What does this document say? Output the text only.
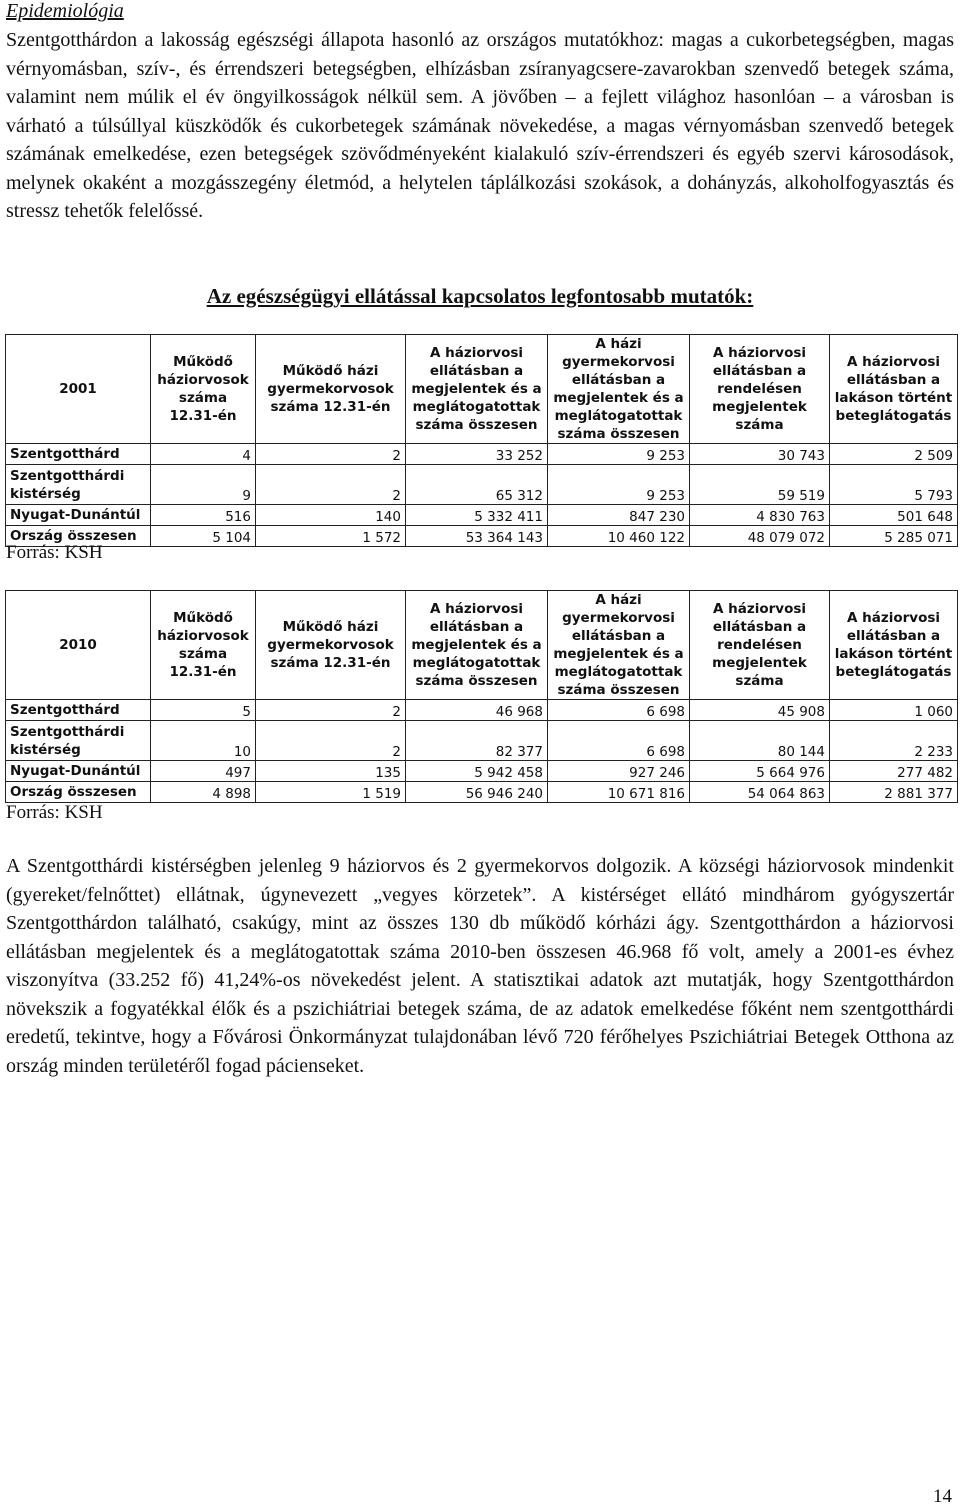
Epidemiológia

Szentgotthárdon a lakosság egészségi állapota hasonló az országos mutatókhoz: magas a cukorbetegségben, magas vérnyomásban, szív-, és érrendszeri betegségben, elhízásban zsíranyagcsere-zavarokban szenvedő betegek száma, valamint nem múlik el év öngyilkosságok nélkül sem. A jövőben – a fejlett világhoz hasonlóan – a városban is várható a túlsúllyal küszködők és cukorbetegek számának növekedése, a magas vérnyomásban szenvedő betegek számának emelkedése, ezen betegségek szövődményeként kialakuló szív-érrendszeri és egyéb szervi károsodások, melynek okaként a mozgásszegény életmód, a helytelen táplálkozási szokások, a dohányzás, alkoholfogyasztás és stressz tehetők felelőssé.

Az egészségügyi ellátással kapcsolatos legfontosabb mutatók:
2001	Működő háziorvosok száma 12.31-én	Működő házi gyermekorvosok száma 12.31-én	A háziorvosi ellátásban a megjelentek és a meglátogatottak száma összesen	A házi gyermekorvosi ellátásban a megjelentek és a meglátogatottak száma összesen	A háziorvosi ellátásban a rendelésen megjelentek száma	A háziorvosi ellátásban a lakáson történt beteglátogatás
Szentgotthárd	4	2	33 252	9 253	30 743	2 509
Szentgotthárdi kistérség	9	2	65 312	9 253	59 519	5 793
Nyugat-Dunántúl	516	140	5 332 411	847 230	4 830 763	501 648
Ország összesen	5 104	1 572	53 364 143	10 460 122	48 079 072	5 285 071
Forrás: KSH
2010	Működő háziorvosok száma 12.31-én	Működő házi gyermekorvosok száma 12.31-én	A háziorvosi ellátásban a megjelentek és a meglátogatottak száma összesen	A házi gyermekorvosi ellátásban a megjelentek és a meglátogatottak száma összesen	A háziorvosi ellátásban a rendelésen megjelentek száma	A háziorvosi ellátásban a lakáson történt beteglátogatás
Szentgotthárd	5	2	46 968	6 698	45 908	1 060
Szentgotthárdi kistérség	10	2	82 377	6 698	80 144	2 233
Nyugat-Dunántúl	497	135	5 942 458	927 246	5 664 976	277 482
Ország összesen	4 898	1 519	56 946 240	10 671 816	54 064 863	2 881 377
Forrás: KSH

A Szentgotthárdi kistérségben jelenleg 9 háziorvos és 2 gyermekorvos dolgozik. A községi háziorvosok mindenkit (gyereket/felnőttet) ellátnak, úgynevezett „vegyes körzetek”. A kistérséget ellátó mindhárom gyógyszertár Szentgotthárdon található, csakúgy, mint az összes 130 db működő kórházi ágy. Szentgotthárdon a háziorvosi ellátásban megjelentek és a meglátogatottak száma 2010-ben összesen 46.968 fő volt, amely a 2001-es évhez viszonyítva (33.252 fő) 41,24%-os növekedést jelent. A statisztikai adatok azt mutatják, hogy Szentgotthárdon növekszik a fogyatékkal élők és a pszichiátriai betegek száma, de az adatok emelkedése főként nem szentgotthárdi eredetű, tekintve, hogy a Fővárosi Önkormányzat tulajdonában lévő 720 férőhelyes Pszichiátriai Betegek Otthona az ország minden területéről fogad pácienseket.

14
